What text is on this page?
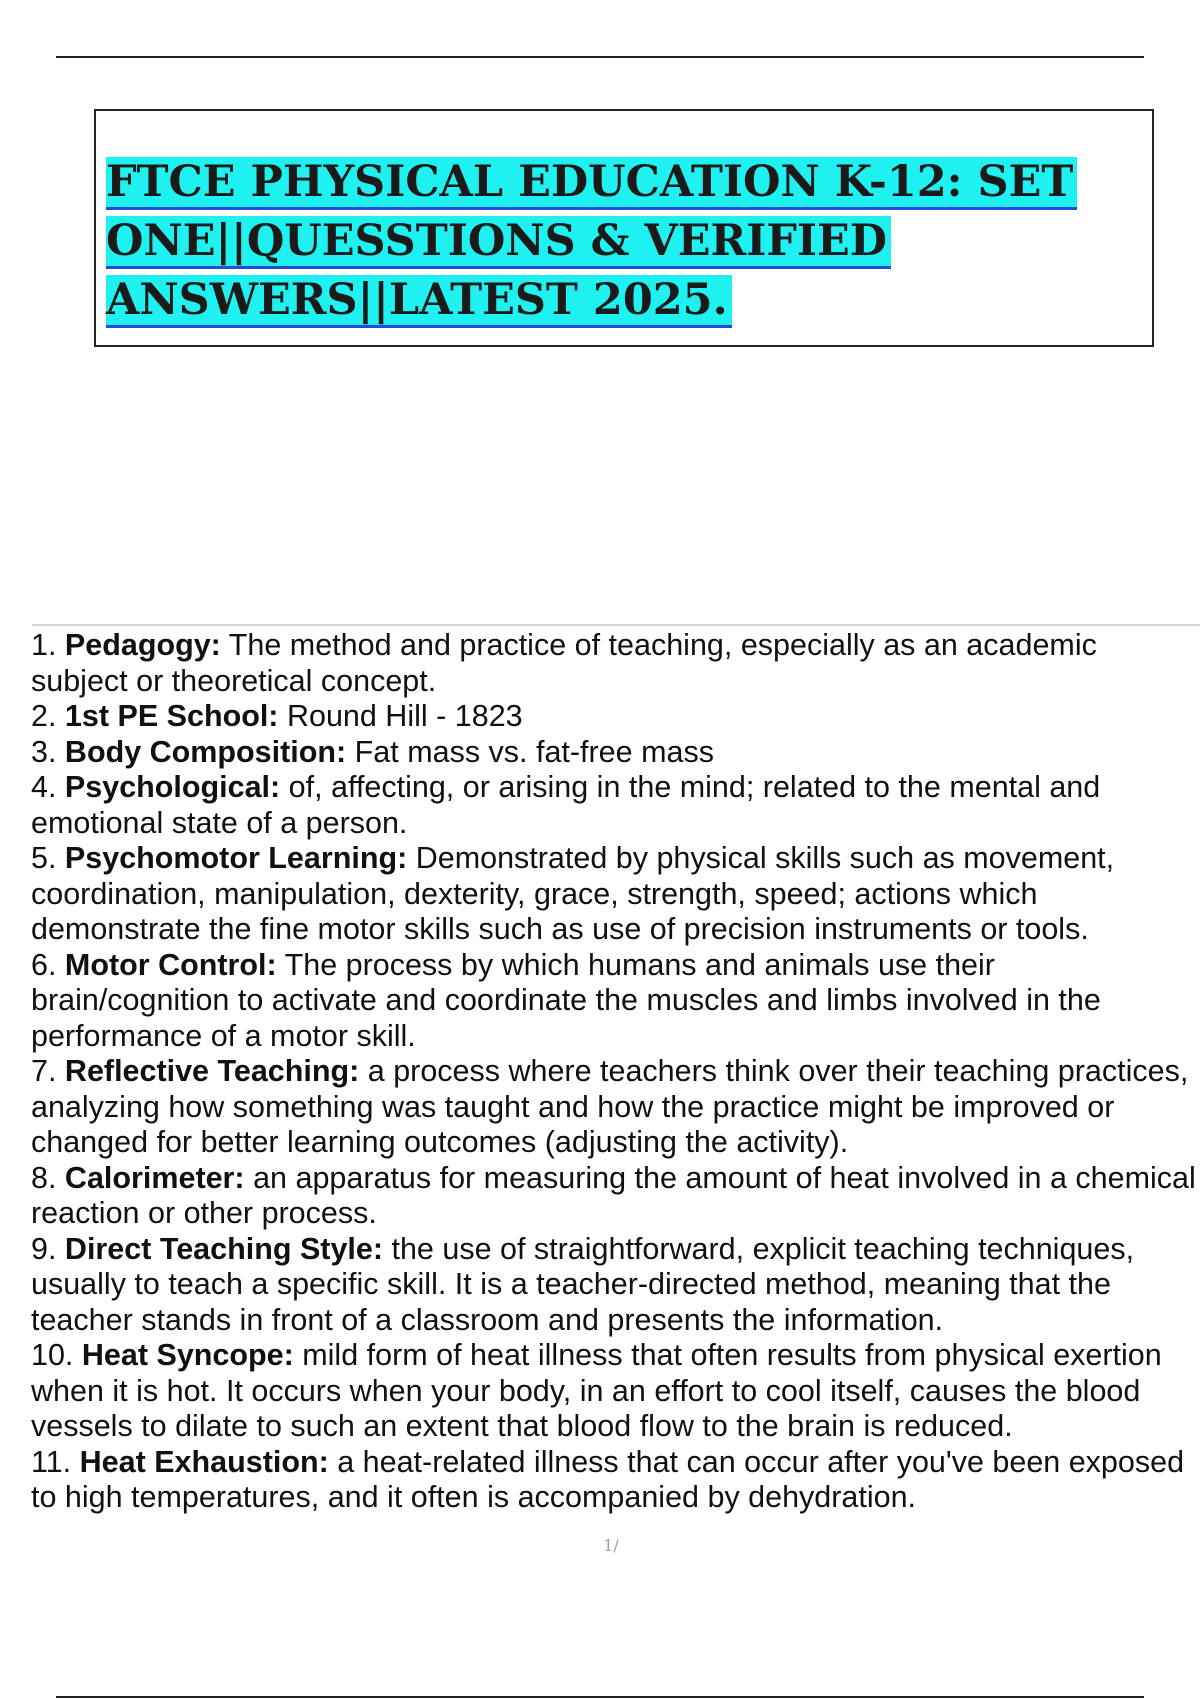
FTCE PHYSICAL EDUCATION K-12: SET
ONE||QUESSTIONS & VERIFIED
ANSWERS||LATEST 2025.

1. Pedagogy: The method and practice of teaching, especially as an academic subject or theoretical concept.

2. 1st PE School: Round Hill - 1823

3. Body Composition: Fat mass vs. fat-free mass

4. Psychological: of, affecting, or arising in the mind; related to the mental and emotional state of a person.

5. Psychomotor Learning: Demonstrated by physical skills such as movement, coordination, manipulation, dexterity, grace, strength, speed; actions which demonstrate the fine motor skills such as use of precision instruments or tools.

6. Motor Control: The process by which humans and animals use their brain/cognition to activate and coordinate the muscles and limbs involved in the performance of a motor skill.

7. Reflective Teaching: a process where teachers think over their teaching practices, analyzing how something was taught and how the practice might be improved or changed for better learning outcomes (adjusting the activity).

8. Calorimeter: an apparatus for measuring the amount of heat involved in a chemical reaction or other process.

9. Direct Teaching Style: the use of straightforward, explicit teaching techniques, usually to teach a specific skill. It is a teacher-directed method, meaning that the teacher stands in front of a classroom and presents the information.

10. Heat Syncope: mild form of heat illness that often results from physical exertion when it is hot. It occurs when your body, in an effort to cool itself, causes the blood vessels to dilate to such an extent that blood flow to the brain is reduced.

11. Heat Exhaustion: a heat-related illness that can occur after you've been exposed to high temperatures, and it often is accompanied by dehydration.

1/
